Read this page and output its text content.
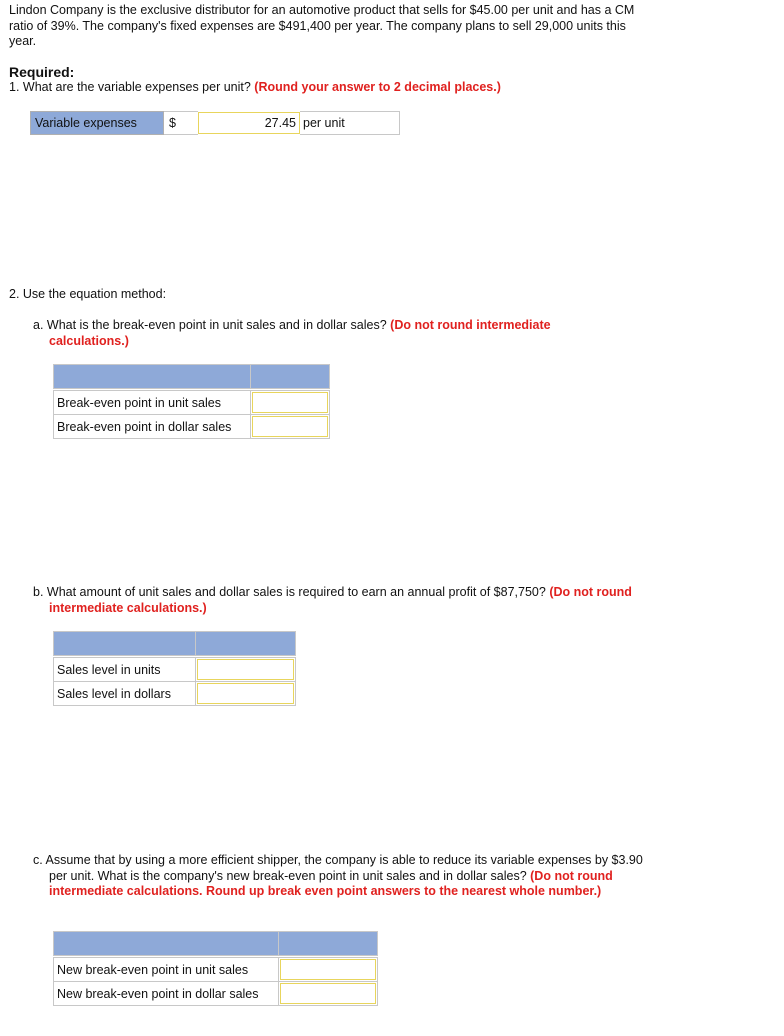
Lindon Company is the exclusive distributor for an automotive product that sells for $45.00 per unit and has a CM ratio of 39%. The company's fixed expenses are $491,400 per year. The company plans to sell 29,000 units this year.
Required:
1. What are the variable expenses per unit? (Round your answer to 2 decimal places.)
Variable expenses	$	27.45 per unit
2. Use the equation method:
a. What is the break-even point in unit sales and in dollar sales? (Do not round intermediate calculations.)

Break-even point in unit sales	

Break-even point in dollar sales	
b. What amount of unit sales and dollar sales is required to earn an annual profit of $87,750? (Do not round intermediate calculations.)

Sales level in units	

Sales level in dollars	
c. Assume that by using a more efficient shipper, the company is able to reduce its variable expenses by $3.90 per unit. What is the company's new break-even point in unit sales and in dollar sales? (Do not round intermediate calculations. Round up break even point answers to the nearest whole number.)

New break-even point in unit sales	

New break-even point in dollar sales	
